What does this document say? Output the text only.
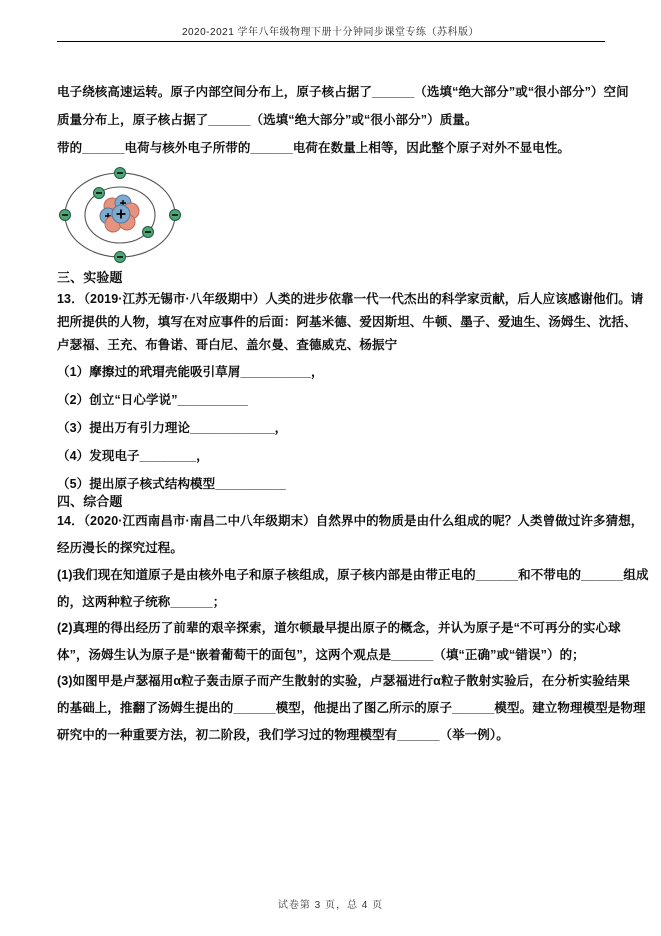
2020-2021 学年八年级物理下册十分钟同步课堂专练（苏科版）
电子绕核高速运转。原子内部空间分布上，原子核占据了______（选填“绝大部分”或“很小部分”）空间
质量分布上，原子核占据了______（选填“绝大部分”或“很小部分”）质量。
带的______电荷与核外电子所带的______电荷在数量上相等，因此整个原子对外不显电性。
三、实验题
13．（2019·江苏无锡市·八年级期中）人类的进步依靠一代一代杰出的科学家贡献，后人应该感谢他们。请
把所提供的人物，填写在对应事件的后面：阿基米德、爱因斯坦、牛顿、墨子、爱迪生、汤姆生、沈括、
卢瑟福、王充、布鲁诺、哥白尼、盖尔曼、查德威克、杨振宁
（1）摩擦过的玳瑁壳能吸引草屑__________，
（2）创立“日心学说”__________
（3）提出万有引力理论____________，
（4）发现电子________，
（5）提出原子核式结构模型__________
四、综合题
14．（2020·江西南昌市·南昌二中八年级期末）自然界中的物质是由什么组成的呢？人类曾做过许多猜想，
经历漫长的探究过程。
(1)我们现在知道原子是由核外电子和原子核组成，原子核内部是由带正电的______和不带电的______组成
的，这两种粒子统称______；
(2)真理的得出经历了前辈的艰辛探索，道尔顿最早提出原子的概念，并认为原子是“不可再分的实心球
体”，汤姆生认为原子是“嵌着葡萄干的面包”，这两个观点是______（填“正确”或“错误”）的；
(3)如图甲是卢瑟福用α粒子轰击原子而产生散射的实验，卢瑟福进行α粒子散射实验后，在分析实验结果
的基础上，推翻了汤姆生提出的______模型，他提出了图乙所示的原子______模型。建立物理模型是物理
研究中的一种重要方法，初二阶段，我们学习过的物理模型有______（举一例）。
试卷第 3 页，总 4 页
